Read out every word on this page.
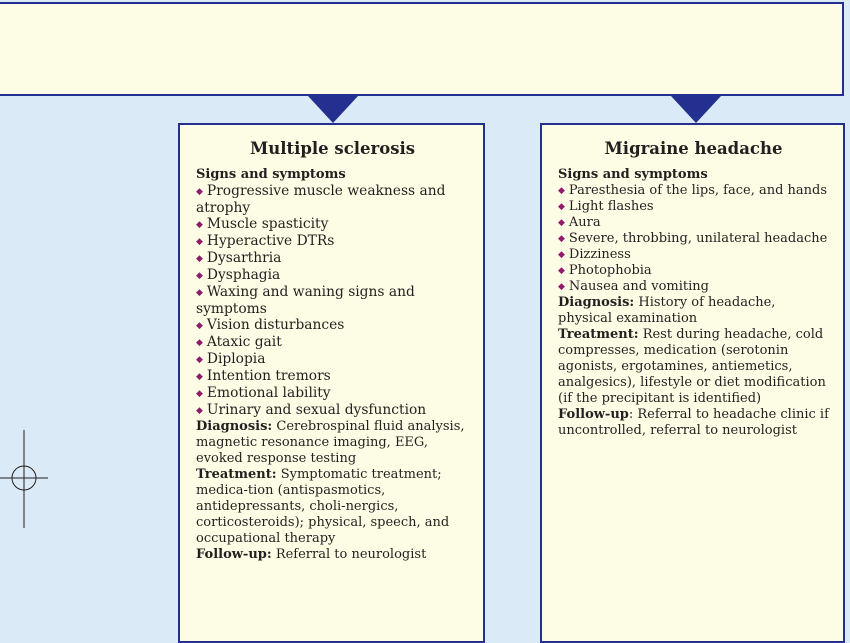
Multiple sclerosis
Signs and symptoms
◆ Progressive muscle weakness and atrophy
◆ Muscle spasticity
◆ Hyperactive DTRs
◆ Dysarthria
◆ Dysphagia
◆ Waxing and waning signs and symptoms
◆ Vision disturbances
◆ Ataxic gait
◆ Diplopia
◆ Intention tremors
◆ Emotional lability
◆ Urinary and sexual dysfunction
Diagnosis: Cerebrospinal fluid analysis, magnetic resonance imaging, EEG, evoked response testing
Treatment: Symptomatic treatment; medica-tion (antispasmotics, antidepressants, choli-nergics, corticosteroids); physical, speech, and occupational therapy
Follow-up: Referral to neurologist
Migraine headache
Signs and symptoms
◆ Paresthesia of the lips, face, and hands
◆ Light flashes
◆ Aura
◆ Severe, throbbing, unilateral headache
◆ Dizziness
◆ Photophobia
◆ Nausea and vomiting
Diagnosis: History of headache, physical examination
Treatment: Rest during headache, cold compresses, medication (serotonin agonists, ergotamines, antiemetics, analgesics), lifestyle or diet modification (if the precipitant is identified)
Follow-up: Referral to headache clinic if uncontrolled, referral to neurologist
